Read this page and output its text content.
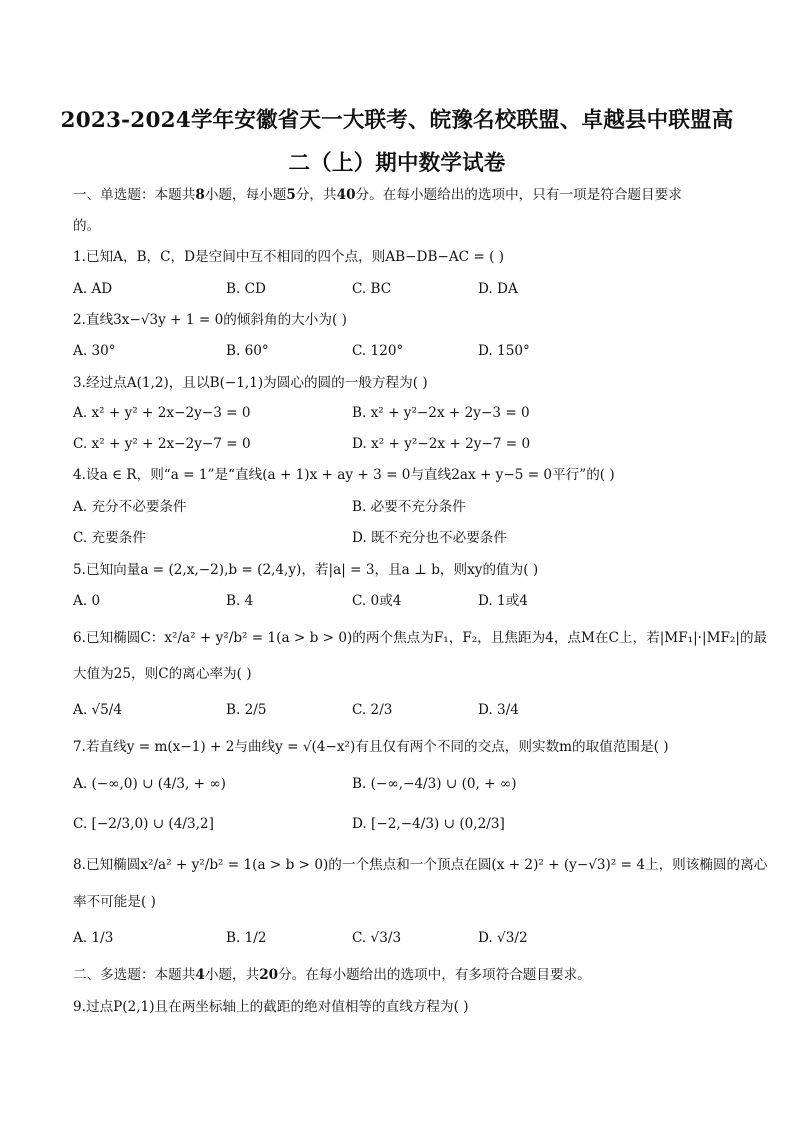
2023-2024学年安徽省天一大联考、皖豫名校联盟、卓越县中联盟高
二（上）期中数学试卷
一、单选题：本题共8小题，每小题5分，共40分。在每小题给出的选项中，只有一项是符合题目要求
的。
1.已知A，B，C，D是空间中互不相同的四个点，则AB−DB−AC = ( )
A. AD	B. CD	C. BC	D. DA
2.直线3x−√3y + 1 = 0的倾斜角的大小为( )
A. 30°	B. 60°	C. 120°	D. 150°
3.经过点A(1,2)，且以B(−1,1)为圆心的圆的一般方程为( )
A. x² + y² + 2x−2y−3 = 0	B. x² + y²−2x + 2y−3 = 0
C. x² + y² + 2x−2y−7 = 0	D. x² + y²−2x + 2y−7 = 0
4.设a ∈ R，则“a = 1”是“直线(a + 1)x + ay + 3 = 0与直线2ax + y−5 = 0平行”的( )
A. 充分不必要条件	B. 必要不充分条件
C. 充要条件	D. 既不充分也不必要条件
5.已知向量a = (2,x,−2),b = (2,4,y)，若|a| = 3，且a ⊥ b，则xy的值为( )
A. 0	B. 4	C. 0或4	D. 1或4
6.已知椭圆C：x²/a² + y²/b² = 1(a > b > 0)的两个焦点为F₁，F₂，且焦距为4，点M在C上，若|MF₁|·|MF₂|的最
大值为25，则C的离心率为( )
A. √5/4	B. 2/5	C. 2/3	D. 3/4
7.若直线y = m(x−1) + 2与曲线y = √(4−x²)有且仅有两个不同的交点，则实数m的取值范围是( )
A. (−∞,0) ∪ (4/3, + ∞)	B. (−∞,−4/3) ∪ (0, + ∞)
C. [−2/3,0) ∪ (4/3,2]	D. [−2,−4/3) ∪ (0,2/3]
8.已知椭圆x²/a² + y²/b² = 1(a > b > 0)的一个焦点和一个顶点在圆(x + 2)² + (y−√3)² = 4上，则该椭圆的离心
率不可能是( )
A. 1/3	B. 1/2	C. √3/3	D. √3/2
二、多选题：本题共4小题，共20分。在每小题给出的选项中，有多项符合题目要求。
9.过点P(2,1)且在两坐标轴上的截距的绝对值相等的直线方程为( )
